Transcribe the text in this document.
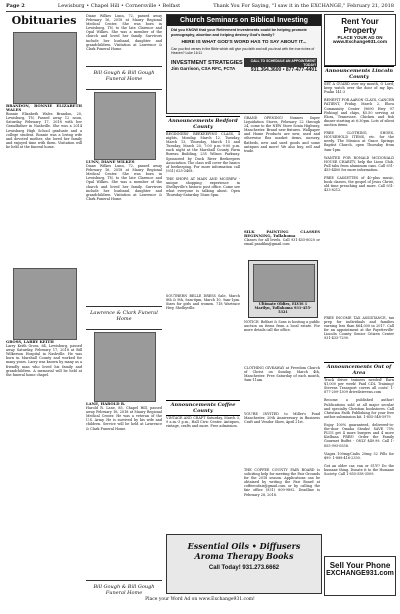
Page 2	Lewisburg • Chapel Hill • Cornersville • Belfast	Thank You For Saying, "I saw it in the EXCHANGE," February 21, 2018
Obituaries
BRANDON, BONNIE ELIZABETH WALES
Bonnie Elizabeth Wales Brandon, 20, Lewisburg, TN, Passed away 12 noon, Saturday February 17, 2018 with her Grandfather in Nashville. She was a 2014 Lewisburg High School graduate and a college student. Bonnie was a loving wife and devoted mother, she loved her family and enjoyed time with them. Visitation will be held at the funeral home.
GROSS, LARRY KEITH
Larry Keith Gross, 64, Lewisburg, passed away Saturday, February 17, 2018 at Bill Wilkerson Hospital in Nashville. He was born in Marshall County and worked for many years. Larry was known by many as a friendly man who loved his family and grandchildren. A memorial will be held at the funeral home chapel.
Diane Wilkes Lunn, 72, passed away February 16, 2018 at Maury Regional Medical Center. She was born in Lewisburg, TN, to the late Clarence and Opal Wilkes. She was a member of the church and loved her family. Survivors include her husband, daughter and grandchildren. Visitation at Lawrence & Clark Funeral Home.
Bill Gough & Bill Gough Funeral Home
LUNN, DIANE WILKES
Diane Wilkes Lunn, 72, passed away February 16, 2018 at Maury Regional Medical Center. She was born in Lewisburg, TN, to the late Clarence and Opal Wilkes. She was a member of the church and loved her family. Survivors include her husband, daughter and grandchildren. Visitation at Lawrence & Clark Funeral Home.
Lawrence & Clark Funeral Home
LANE, HAROLD R.
Harold R. Lane, 85, Chapel Hill, passed away February 16, 2018 at Maury Regional Medical Center. He was a veteran of the U.S. Army. He is survived by his wife and children. Service will be held at Lawrence & Clark Funeral Home.
Bill Gough & Bill Gough Funeral Home
Church Seminars on Biblical Investing
Did you KNOW that your Retirement Investments could be helping promote pornography, abortion and helping destroy God's family?
HERE IS WHAT GOD'S WORD HAS TO SAY ABOUT IT...
Can you find verses in the Bible which will give you faith and will you trust with the true riches of Heaven? Luke 16:11
INVESTMENT STRATEGIES
Jim Garrison, CSA RFC, FCTA
CALL TO SCHEDULE AN APPOINTMENT TODAY!
931.364.3600 • 877-477-4401
Announcements Bedford County
BEGINNERS' BEEKEEPING CLASS, 4 nights, Monday, March 12, Tuesday, March 13, Thursday, March 15 and Tuesday, March 20, 7:00 p.m.-9:00 p.m. each night at the Marshall County Farm Bureau Building, 235 Wilson Parkway. Sponsored by Duck River Beekeepers Association. The class will cover the basics of beekeeping. For more information call (931) 625-3408.

THE SHOPS AT MAIN AND MCGREW - unique shopping experience in Shelbyville's historic post office. Come see what everyone is talking about. Open Thursday-Saturday 10am-5pm.
SOUTHERN BELLE DRESS Sale, March 8th & 9th, 9am-6pm, March 10, 9am-1pm. Sizes for girls and women. 718 Wartrace Hwy, Shelbyville.
Announcements Coffee County
VINTAGE AND CRAFT Saturday, March 3, 9 a.m.-3 p.m., Hall Civic Center. Antiques, vintage, crafts and more. Free admission.
GRAND OPENING! Nunnes Super Liquidation Stores, February 22 through 24, come to the NEW Store Sonia Highway, Manchester. Brand new fixtures. Wallpaper and Home Products are new, used and otherwise flea market items, nursery, flatbeds, new and used goods and some antiques and more! We also buy, sell and trade.
SILK PAINTING CLASSES BEGINNING, Tullahoma
Classes for all levels. Call 931-455-8020 or email pandilm@gmail.com
Ultimate Oldies, ELVIS 1 Marilyn, Tullahoma 931-455-5321
NOTICE: Belfast & Sons is hosting a public auction on items from a local estate. For more details call the office.
CLOTHING GIVEAWAY at Freedom Church of Christ on Sunday, March 4th, Manchester. Free Saturday of each month, 9am-11am.
YOU'RE INVITED to Miller's Pond Manchester, 20th Anniversary in Business Craft and Vendor Show, April 21st.
THE COFFEE COUNTY FAIR BOARD is soliciting help for meeting the Fair Grounds for the 2018 season. Applications can be obtained by writing the Fair Board at coffeecofair@gmail.com or by calling the fair office (931) 609-9892. Deadline is February 28, 2018.
Essential Oils • Diffusers
Aroma Therapy Books
Call Today! 931.273.6662
Place your Word Ad on www.Exchange931.com!
Rent Your Property
PLACE YOUR AD ON
www.Exchange931.com
Announcements Lincoln County
SET A GUARD over my mouth, O Lord; keep watch over the door of my lips. Psalm 141:3

BENEFIT FOR AARON CLAYS, CANCER PATIENT, Friday, March 2, Elora Community Center (9690 Hwy 97 Fishing) and chips, $5.50 serving at Elora, Tennessee. Chicken and fish dinner starting at 6:30pm. Lots of silent auction items.

FREE CLOTHING, SHOES, HOUSEHOLD ITEMS, etc. for the needy. The Mission at Grace Springs Baptist Church, open Thursday from 9am-1pm.

WANTED FOR RONALD MCDONALD HOUSE CHARITY, help the Lions Club. Pull tabs from aluminum cans. Call 931-455-4400 for more information.

FREE CASSETTES of 40-plus music, book classes, the gospel of Jesus Christ, old time preaching and more. Call 931-433-8212.
FREE INCOME TAX ASSISTANCE, tax prep for individuals and families earning less than $64,000 in 2017. Call for an appointment at the Fayetteville-Lincoln County Senior Citizen Center 931-433-7290.
Announcements Out of Area
Truck driver trainees needed! Earn $1,000 per week! Paid CDL Training! Stevens Transport covers all costs! 1-877-209-1309 drive4stevens.com

Become a published author! Publications sold at all major secular and specialty Christian bookstores. Call Christian Faith Publishing for your free author submission kit. 1-855-548-5979

Enjoy 100% guaranteed, delivered-to-the-door Omaha Steaks! SAVE 75% PLUS get 4 more burgers and 4 more Kielbasa FREE! Order the Family Gourmet Buffet - ONLY $49.99. Call 1-855-993-0558.

Viagra 100mg/Cialis 20mg 52 Pills for $99. 1-888-416-2330.

Got an older car, van or SUV? Do the humane thing. Donate it to the Humane Society. Call 1-855-558-3509.
Sell Your Phone
EXCHANGE931.com
